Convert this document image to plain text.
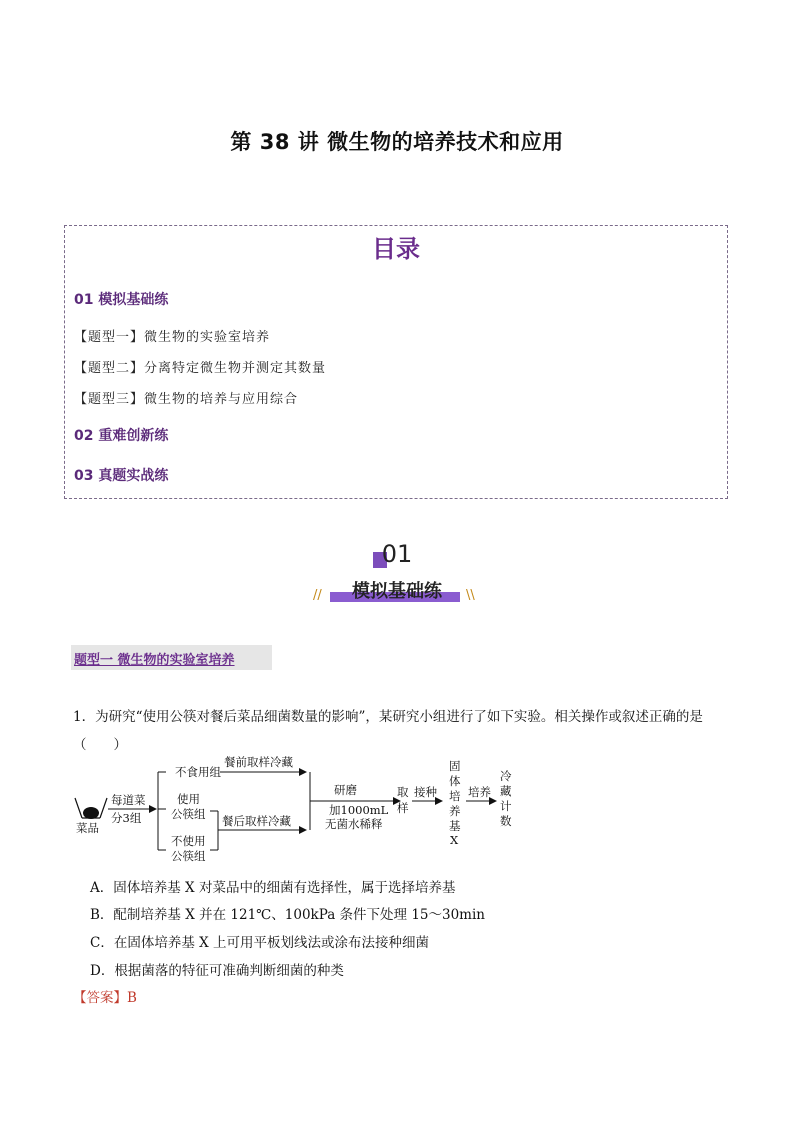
第 38 讲 微生物的培养技术和应用
目录
01 模拟基础练
【题型一】微生物的实验室培养
【题型二】分离特定微生物并测定其数量
【题型三】微生物的培养与应用综合
02 重难创新练
03 真题实战练
01
模拟基础练
//	\\
题型一 微生物的实验室培养
1．为研究“使用公筷对餐后菜品细菌数量的影响”，某研究小组进行了如下实验。相关操作或叙述正确的是（　　）
菜品
每道菜
分3组
不食用组
使用
公筷组
不使用
公筷组
餐前取样冷藏
餐后取样冷藏
研磨
加1000mL
无菌水稀释
取
样
接种
固
体
培
养
基
X
培养
冷
藏
计
数
A．固体培养基 X 对菜品中的细菌有选择性，属于选择培养基
B．配制培养基 X 并在 121℃、100kPa 条件下处理 15～30min
C．在固体培养基 X 上可用平板划线法或涂布法接种细菌
D．根据菌落的特征可准确判断细菌的种类
【答案】B
